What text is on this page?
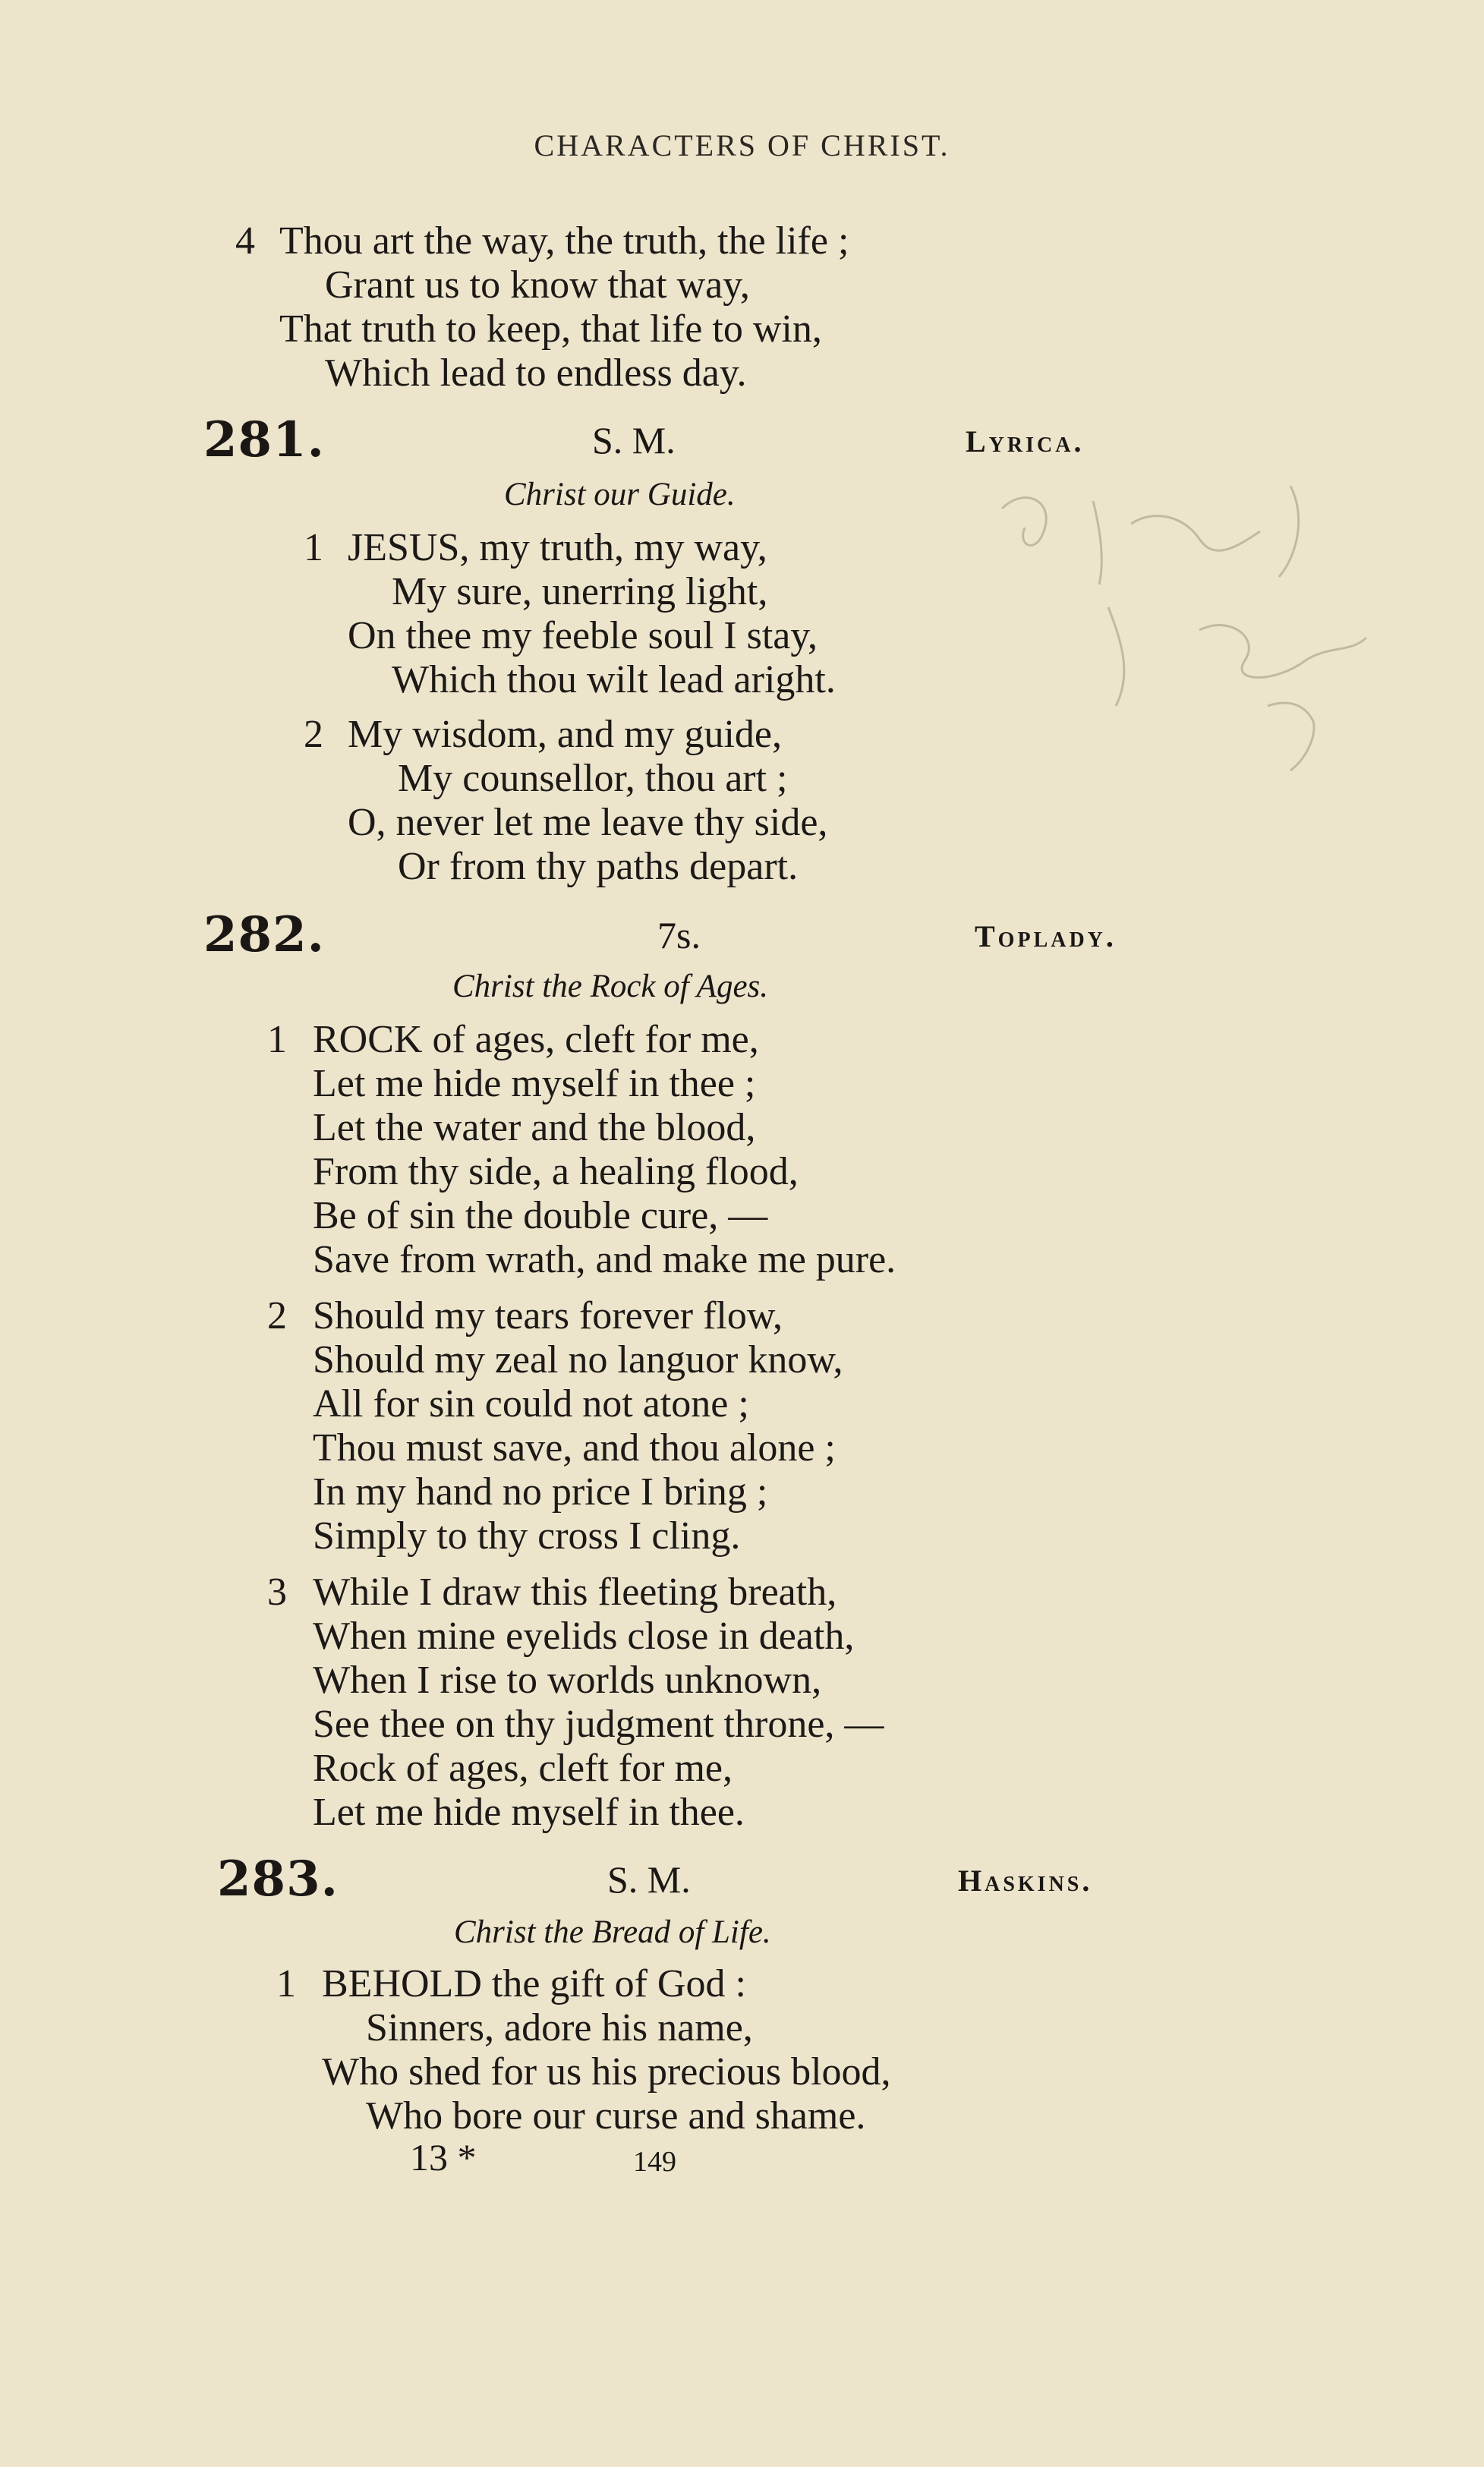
CHARACTERS OF CHRIST.
4 Thou art the way, the truth, the life ;
Grant us to know that way,
That truth to keep, that life to win,
Which lead to endless day.
281.	S. M.	Lyrica.
Christ our Guide.
1 JESUS, my truth, my way,
My sure, unerring light,
On thee my feeble soul I stay,
Which thou wilt lead aright.
2 My wisdom, and my guide,
My counsellor, thou art ;
O, never let me leave thy side,
Or from thy paths depart.
282.	7s.	Toplady.
Christ the Rock of Ages.
1 ROCK of ages, cleft for me,
Let me hide myself in thee ;
Let the water and the blood,
From thy side, a healing flood,
Be of sin the double cure, —
Save from wrath, and make me pure.
2 Should my tears forever flow,
Should my zeal no languor know,
All for sin could not atone ;
Thou must save, and thou alone ;
In my hand no price I bring ;
Simply to thy cross I cling.
3 While I draw this fleeting breath,
When mine eyelids close in death,
When I rise to worlds unknown,
See thee on thy judgment throne, —
Rock of ages, cleft for me,
Let me hide myself in thee.
283.	S. M.	Haskins.
Christ the Bread of Life.
1 BEHOLD the gift of God :
Sinners, adore his name,
Who shed for us his precious blood,
Who bore our curse and shame.
13 *	149
